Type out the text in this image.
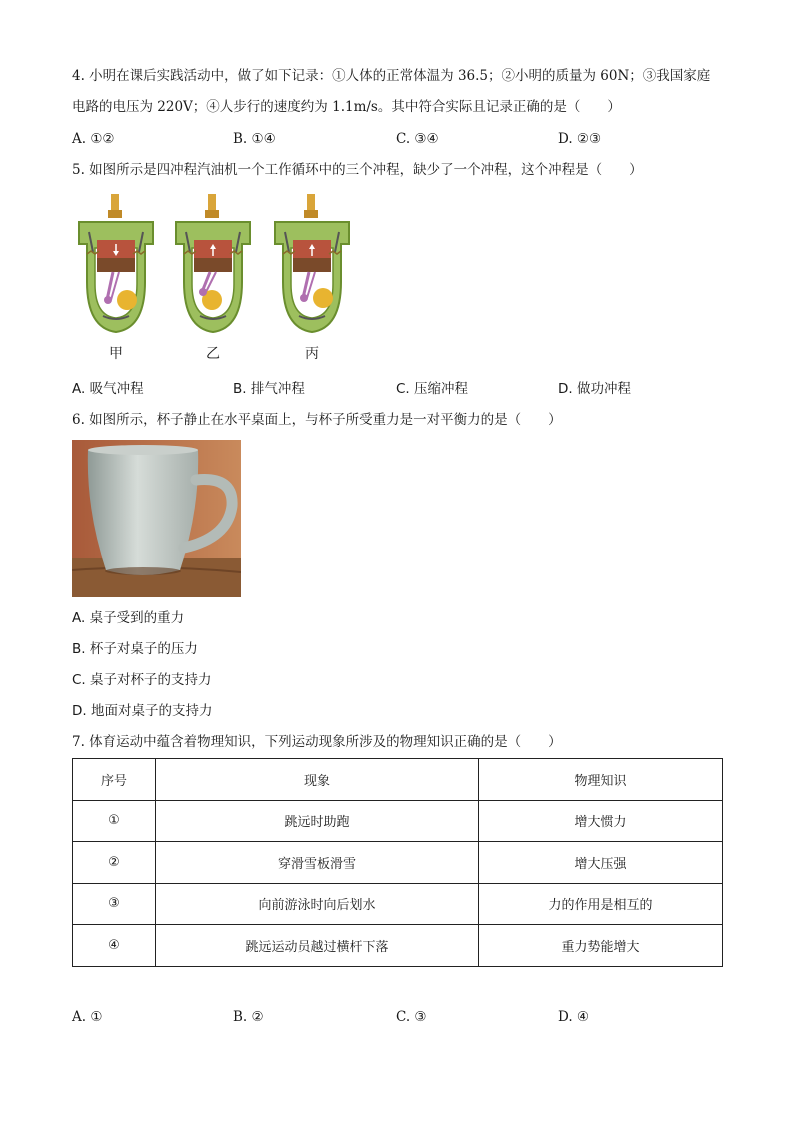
4. 小明在课后实践活动中，做了如下记录：①人体的正常体温为 36.5；②小明的质量为 60N；③我国家庭
电路的电压为 220V；④人步行的速度约为 1.1m/s。其中符合实际且记录正确的是（　　）
A. ①②	B. ①④	C. ③④	D. ②③
5. 如图所示是四冲程汽油机一个工作循环中的三个冲程，缺少了一个冲程，这个冲程是（　　）
甲	乙	丙
A. 吸气冲程	B. 排气冲程	C. 压缩冲程	D. 做功冲程
6. 如图所示，杯子静止在水平桌面上，与杯子所受重力是一对平衡力的是（　　）
A. 桌子受到的重力
B. 杯子对桌子的压力
C. 桌子对杯子的支持力
D. 地面对桌子的支持力
7. 体育运动中蕴含着物理知识，下列运动现象所涉及的物理知识正确的是（　　）
序号	现象	物理知识
①	跳远时助跑	增大惯力
②	穿滑雪板滑雪	增大压强
③	向前游泳时向后划水	力的作用是相互的
④	跳远运动员越过横杆下落	重力势能增大
A. ①	B. ②	C. ③	D. ④
